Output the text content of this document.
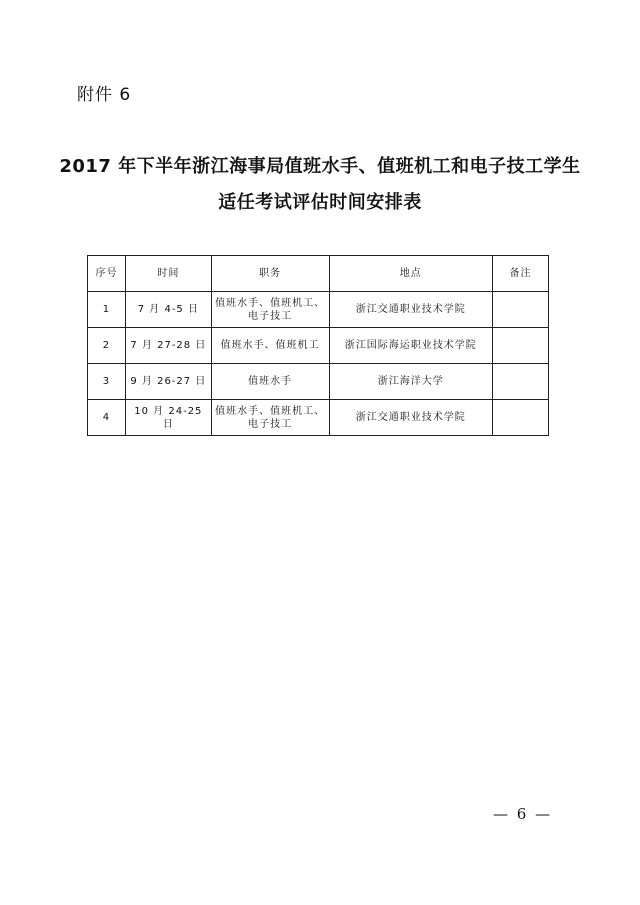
附件 6
2017 年下半年浙江海事局值班水手、值班机工和电子技工学生
适任考试评估时间安排表
序号	时间	职务	地点	备注
1	7 月 4-5 日	值班水手、值班机工、电子技工	浙江交通职业技术学院	
2	7 月 27-28 日	值班水手、值班机工	浙江国际海运职业技术学院	
3	9 月 26-27 日	值班水手	浙江海洋大学	
4	10 月 24-25 日	值班水手、值班机工、电子技工	浙江交通职业技术学院	
— 6 —
